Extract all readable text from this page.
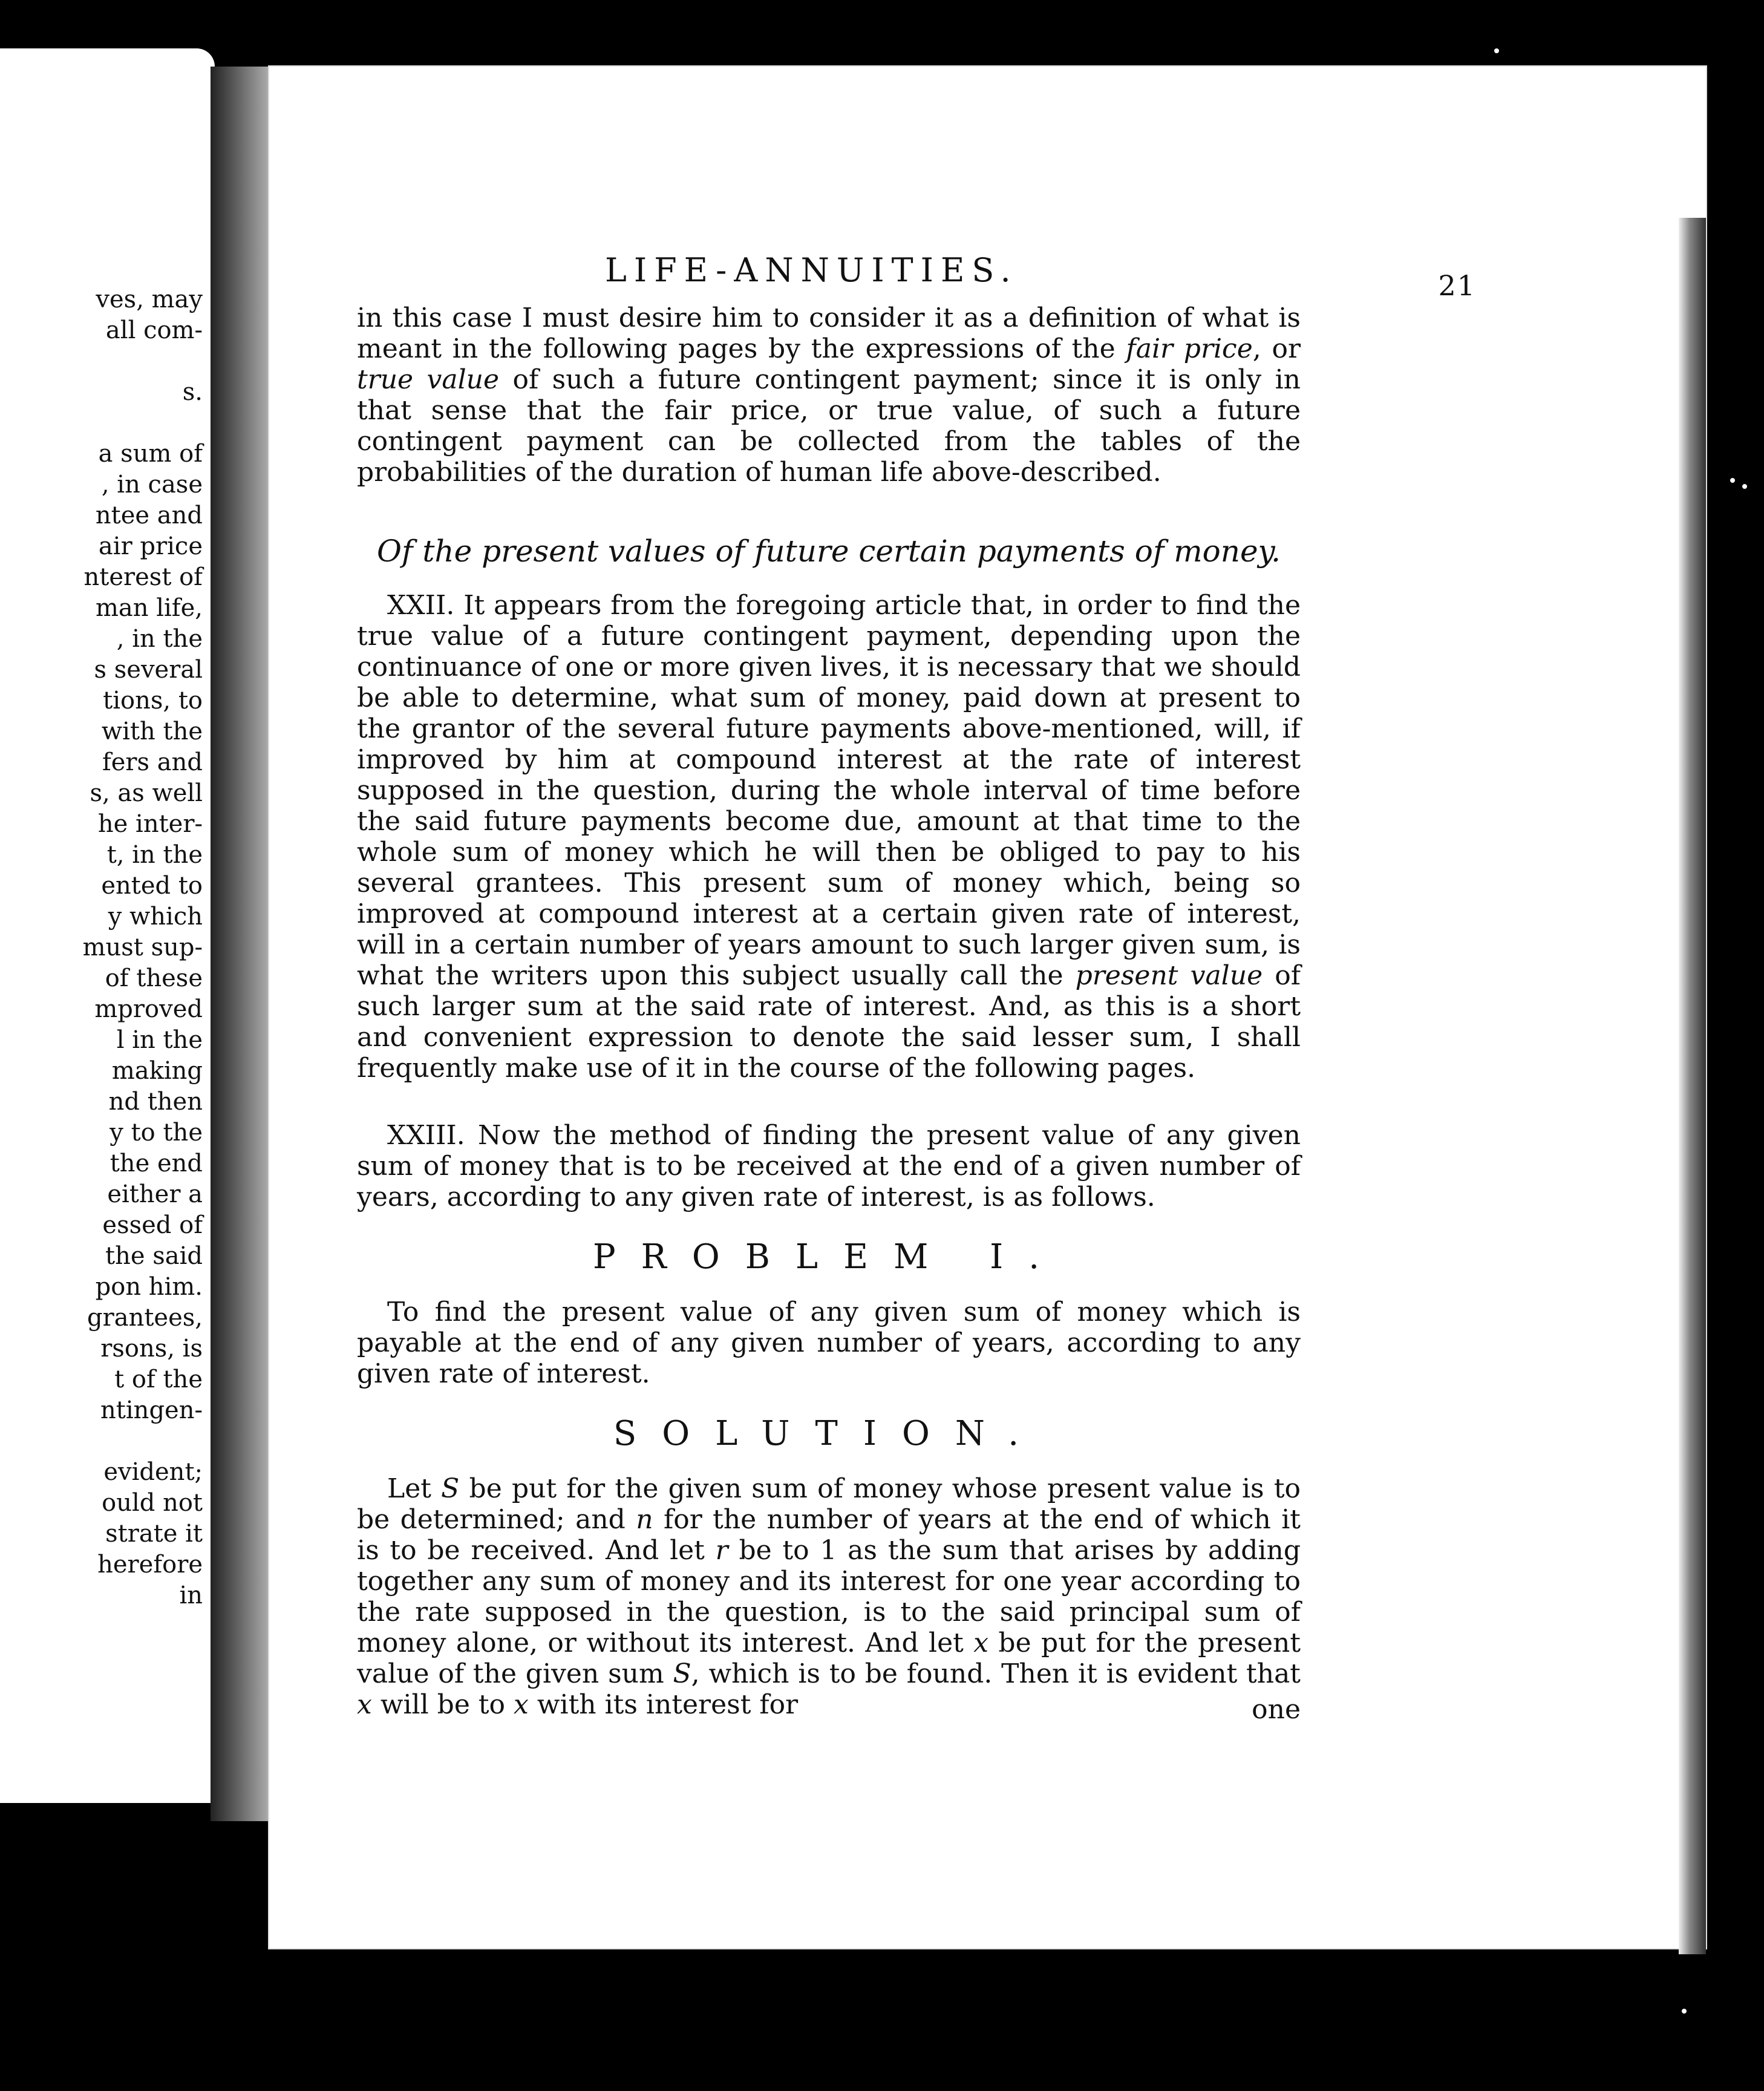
ves, may
all com-

s.

a sum of
, in case
ntee and
air price
nterest of
man life,
, in the
s several
tions, to
with the
fers and
s, as well
he inter-
t, in the
ented to
y which
must sup-
of these
mproved
l in the
making
nd then
y to the
the end
either a
essed of
the said
pon him.
grantees,
rsons, is
t of the
ntingen-

evident;
ould not
strate it
herefore
in
LIFE-ANNUITIES.	21

in this case I must desire him to consider it as a definition of what is meant in the following pages by the expressions of the fair price, or true value of such a future contingent payment; since it is only in that sense that the fair price, or true value, of such a future contingent payment can be collected from the tables of the probabilities of the duration of human life above-described.

Of the present values of future certain payments of money.

XXII. It appears from the foregoing article that, in order to find the true value of a future contingent payment, depending upon the continuance of one or more given lives, it is necessary that we should be able to determine, what sum of money, paid down at present to the grantor of the several future payments above-mentioned, will, if improved by him at compound interest at the rate of interest supposed in the question, during the whole interval of time before the said future payments become due, amount at that time to the whole sum of money which he will then be obliged to pay to his several grantees. This present sum of money which, being so improved at compound interest at a certain given rate of interest, will in a certain number of years amount to such larger given sum, is what the writers upon this subject usually call the present value of such larger sum at the said rate of interest. And, as this is a short and convenient expression to denote the said lesser sum, I shall frequently make use of it in the course of the following pages.

XXIII. Now the method of finding the present value of any given sum of money that is to be received at the end of a given number of years, according to any given rate of interest, is as follows.

PROBLEM I.

To find the present value of any given sum of money which is payable at the end of any given number of years, according to any given rate of interest.

SOLUTION.

Let S be put for the given sum of money whose present value is to be determined; and n for the number of years at the end of which it is to be received. And let r be to 1 as the sum that arises by adding together any sum of money and its interest for one year according to the rate supposed in the question, is to the said principal sum of money alone, or without its interest. And let x be put for the present value of the given sum S, which is to be found. Then it is evident that x will be to x with its interest for	one
